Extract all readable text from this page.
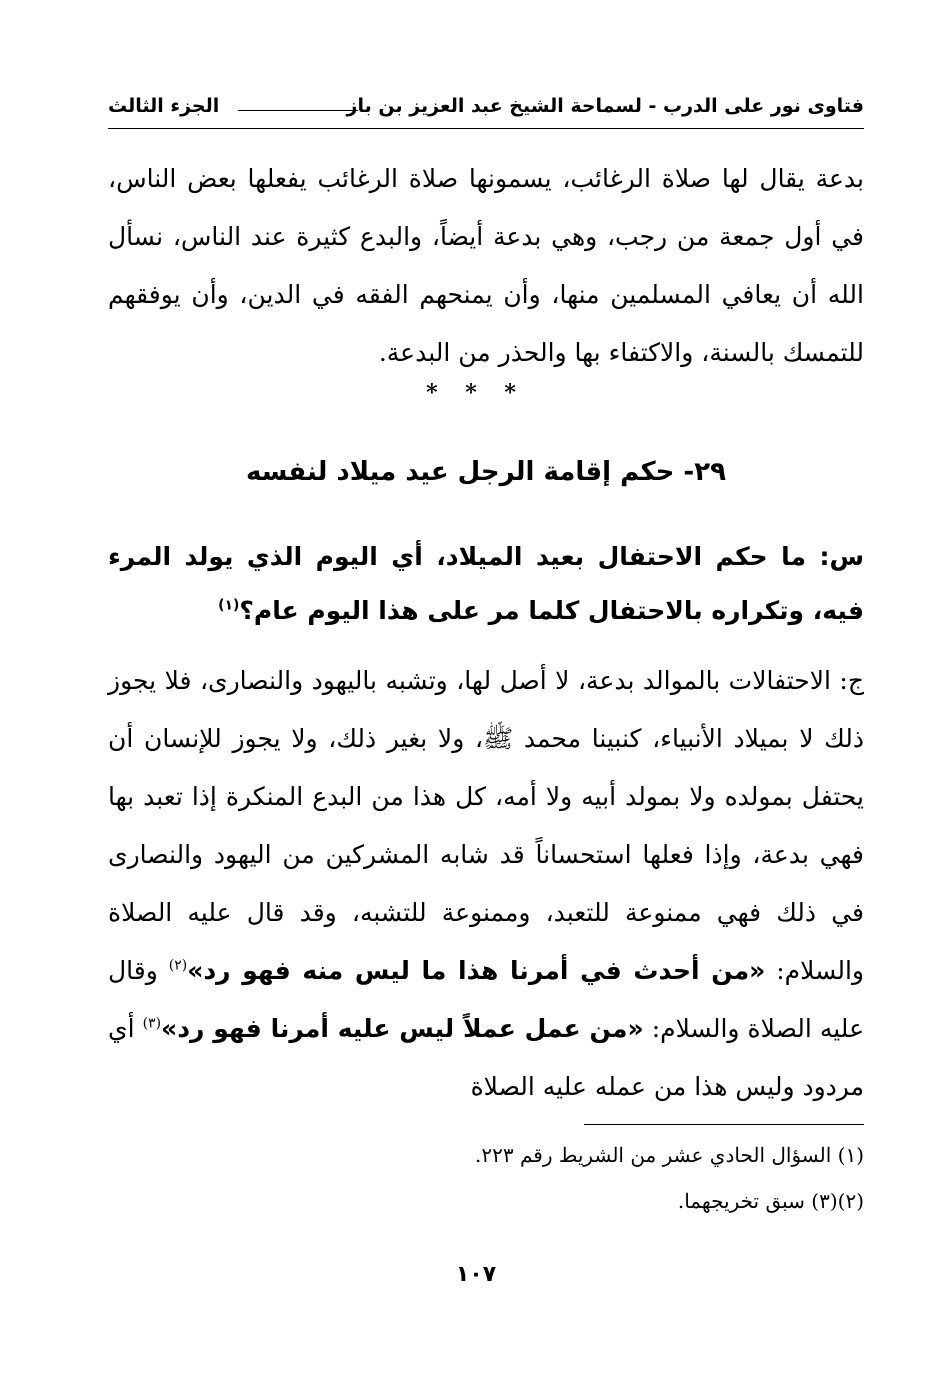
فتاوى نور على الدرب - لسماحة الشيخ عبد العزيز بن باز
الجزء الثالث
بدعة يقال لها صلاة الرغائب، يسمونها صلاة الرغائب يفعلها بعض الناس، في أول جمعة من رجب، وهي بدعة أيضاً، والبدع كثيرة عند الناس، نسأل الله أن يعافي المسلمين منها، وأن يمنحهم الفقه في الدين، وأن يوفقهم للتمسك بالسنة، والاكتفاء بها والحذر من البدعة.
* * *
٢٩- حكم إقامة الرجل عيد ميلاد لنفسه
س: ما حكم الاحتفال بعيد الميلاد، أي اليوم الذي يولد المرء فيه، وتكراره بالاحتفال كلما مر على هذا اليوم عام؟$^{(١)}$
ج: الاحتفالات بالموالد بدعة، لا أصل لها، وتشبه باليهود والنصارى، فلا يجوز ذلك لا بميلاد الأنبياء، كنبينا محمد ﷺ، ولا بغير ذلك، ولا يجوز للإنسان أن يحتفل بمولده ولا بمولد أبيه ولا أمه، كل هذا من البدع المنكرة إذا تعبد بها فهي بدعة، وإذا فعلها استحساناً قد شابه المشركين من اليهود والنصارى في ذلك فهي ممنوعة للتعبد، وممنوعة للتشبه، وقد قال عليه الصلاة والسلام: «من أحدث في أمرنا هذا ما ليس منه فهو رد»$^{(٢)}$ وقال عليه الصلاة والسلام: «من عمل عملاً ليس عليه أمرنا فهو رد»$^{(٣)}$ أي مردود وليس هذا من عمله عليه الصلاة
(١) السؤال الحادي عشر من الشريط رقم ٢٢٣.
(٢)(٣) سبق تخريجهما.
١٠٧
